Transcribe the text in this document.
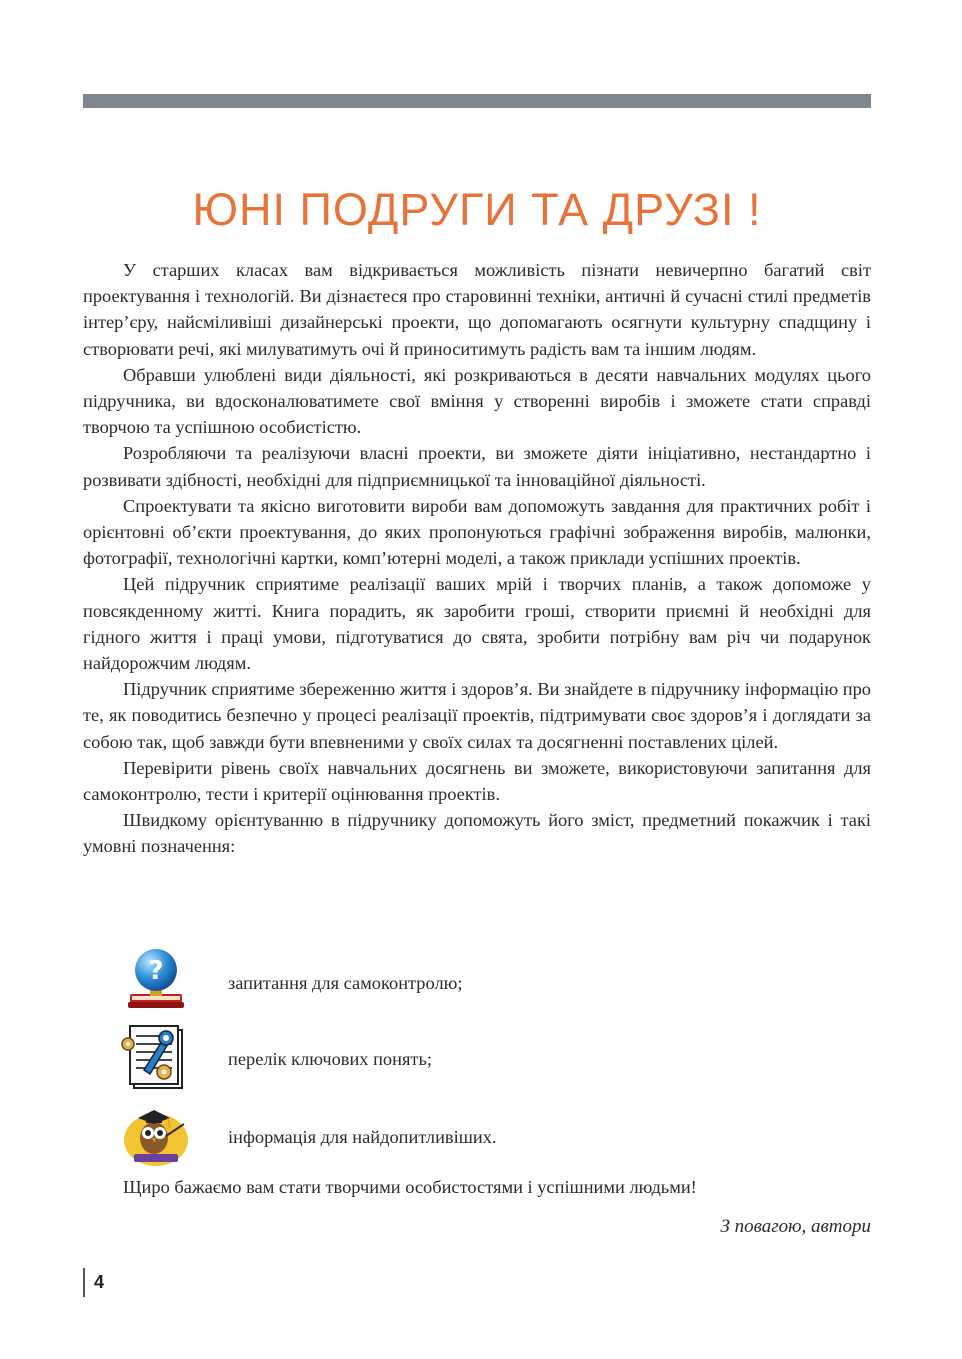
ЮНІ ПОДРУГИ ТА ДРУЗІ !

У старших класах вам відкривається можливість пізнати невичерпно багатий світ проектування і технологій. Ви дізнаєтеся про старовинні техніки, античні й сучасні стилі предметів інтер’єру, найсміливіші дизайнерські проекти, що допомагають осягнути культурну спадщину і створювати речі, які милуватимуть очі й приноситимуть радість вам та іншим людям.

Обравши улюблені види діяльності, які розкриваються в десяти навчальних модулях цього підручника, ви вдосконалюватимете свої вміння у створенні виробів і зможете стати справді творчою та успішною особистістю.

Розробляючи та реалізуючи власні проекти, ви зможете діяти ініціативно, нестандартно і розвивати здібності, необхідні для підприємницької та інноваційної діяльності.

Спроектувати та якісно виготовити вироби вам допоможуть завдання для практичних робіт і орієнтовні об’єкти проектування, до яких пропонуються графічні зображення виробів, малюнки, фотографії, технологічні картки, комп’ютерні моделі, а також приклади успішних проектів.

Цей підручник сприятиме реалізації ваших мрій і творчих планів, а також допоможе у повсякденному житті. Книга порадить, як заробити гроші, створити приємні й необхідні для гідного життя і праці умови, підготуватися до свята, зробити потрібну вам річ чи подарунок найдорожчим людям.

Підручник сприятиме збереженню життя і здоров’я. Ви знайдете в підручнику інформацію про те, як поводитись безпечно у процесі реалізації проектів, підтримувати своє здоров’я і доглядати за собою так, щоб завжди бути впевненими у своїх силах та досягненні поставлених цілей.

Перевірити рівень своїх навчальних досягнень ви зможете, використовуючи запитання для самоконтролю, тести і критерії оцінювання проектів.

Швидкому орієнтуванню в підручнику допоможуть його зміст, предметний покажчик і такі умовні позначення:

?	запитання для самоконтролю;
перелік ключових понять;
інформація для найдопитливіших.
Щиро бажаємо вам стати творчими особистостями і успішними людьми!
З повагою, автори
4
